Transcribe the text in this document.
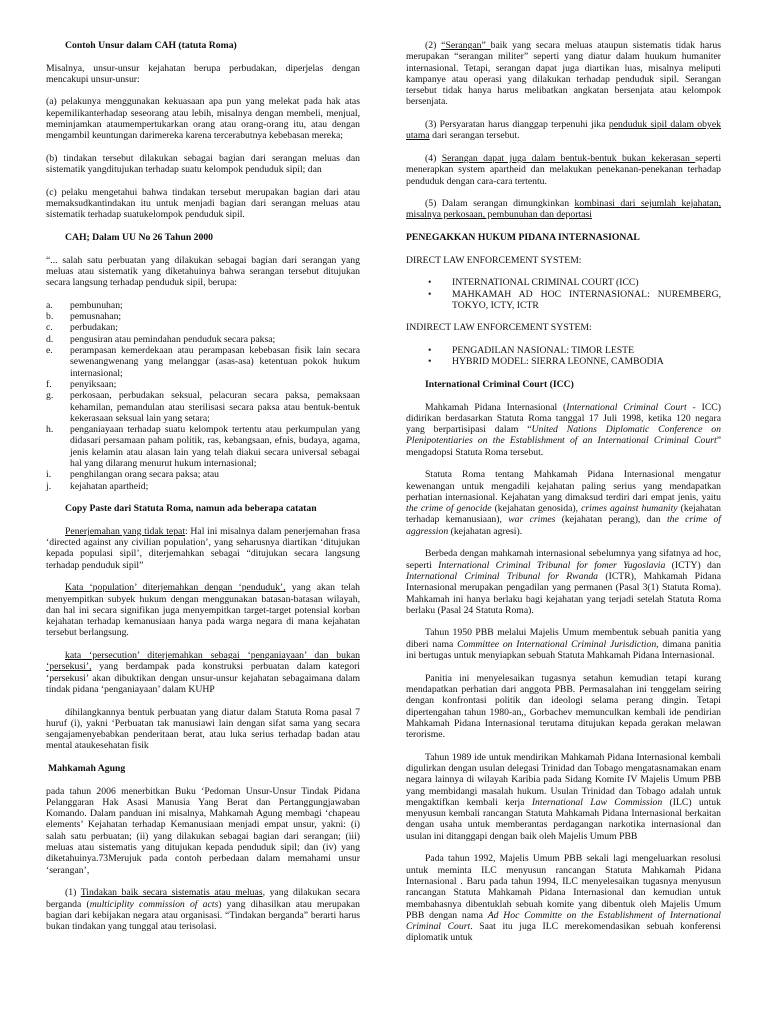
Contoh Unsur dalam CAH (tatuta Roma)

Misalnya, unsur-unsur kejahatan berupa perbudakan, diperjelas dengan mencakupi unsur-unsur:

(a) pelakunya menggunakan kekuasaan apa pun yang melekat pada hak atas kepemilikanterhadap seseorang atau lebih, misalnya dengan membeli, menjual, meminjamkan ataumempertukarkan orang atau orang-orang itu, atau dengan mengambil keuntungan darimereka karena tercerabutnya kebebasan mereka;

(b) tindakan tersebut dilakukan sebagai bagian dari serangan meluas dan sistematik yangditujukan terhadap suatu kelompok penduduk sipil; dan

(c) pelaku mengetahui bahwa tindakan tersebut merupakan bagian dari atau memaksudkantindakan itu untuk menjadi bagian dari serangan meluas atau sistematik terhadap suatukelompok penduduk sipil.

CAH; Dalam UU No 26 Tahun 2000

“... salah satu perbuatan yang dilakukan sebagai bagian dari serangan yang meluas atau sistematik yang diketahuinya bahwa serangan tersebut ditujukan secara langsung terhadap penduduk sipil, berupa:

a. pembunuhan;
b. pemusnahan;
c. perbudakan;
d. pengusiran atau pemindahan penduduk secara paksa;
e. perampasan kemerdekaan atau perampasan kebebasan fisik lain secara sewenangwenang yang melanggar (asas-asa) ketentuan pokok hukum internasional;
f. penyiksaan;
g. perkosaan, perbudakan seksual, pelacuran secara paksa, pemaksaan kehamilan, pemandulan atau sterilisasi secara paksa atau bentuk-bentuk kekerasaan seksual lain yang setara;
h. penganiayaan terhadap suatu kelompok tertentu atau perkumpulan yang didasari persamaan paham politik, ras, kebangsaan, efnis, budaya, agama, jenis kelamin atau alasan lain yang telah diakui secara universal sebagai hal yang dilarang menurut hukum internasional;
i. penghilangan orang secara paksa; atau
j. kejahatan apartheid;
Copy Paste dari Statuta Roma, namun ada beberapa catatan

Penerjemahan yang tidak tepat: Hal ini misalnya dalam penerjemahan frasa ‘directed against any civilian population’, yang seharusnya diartikan ‘ditujukan kepada populasi sipil’, diterjemahkan sebagai “ditujukan secara langsung terhadap penduduk sipil”

Kata ‘population’ diterjemahkan dengan ‘penduduk’, yang akan telah menyempitkan subyek hukum dengan menggunakan batasan-batasan wilayah, dan hal ini secara signifikan juga menyempitkan target-target potensial korban kejahatan terhadap kemanusiaan hanya pada warga negara di mana kejahatan tersebut berlangsung.

kata ‘persecution’ diterjemahkan sebagai ‘penganiayaan’ dan bukan ‘persekusi’, yang berdampak pada konstruksi perbuatan dalam kategori ‘persekusi’ akan dibuktikan dengan unsur-unsur kejahatan sebagaimana dalam tindak pidana ‘penganiayaan’ dalam KUHP

dihilangkannya bentuk perbuatan yang diatur dalam Statuta Roma pasal 7 huruf (i), yakni ‘Perbuatan tak manusiawi lain dengan sifat sama yang secara sengajamenyebabkan penderitaan berat, atau luka serius terhadap badan atau mental ataukesehatan fisik

Mahkamah Agung

pada tahun 2006 menerbitkan Buku ‘Pedoman Unsur-Unsur Tindak Pidana Pelanggaran Hak Asasi Manusia Yang Berat dan Pertanggungjawaban Komando. Dalam panduan ini misalnya, Mahkamah Agung membagi ‘chapeau elements’ Kejahatan terhadap Kemanusiaan menjadi empat unsur, yakni: (i) salah satu perbuatan; (ii) yang dilakukan sebagai bagian dari serangan; (iii) meluas atau sistematis yang ditujukan kepada penduduk sipil; dan (iv) yang diketahuinya.73Merujuk pada contoh perbedaan dalam memahami unsur ‘serangan’,

(1) Tindakan baik secara sistematis atau meluas, yang dilakukan secara berganda (multiciplity commission of acts) yang dihasilkan atau merupakan bagian dari kebijakan negara atau organisasi. “Tindakan berganda” berarti harus bukan tindakan yang tunggal atau terisolasi.

(2) “Serangan” baik yang secara meluas ataupun sistematis tidak harus merupakan “serangan militer” seperti yang diatur dalam huukum humaniter internasional. Tetapi, serangan dapat juga diartikan luas, misalnya meliputi kampanye atau operasi yang dilakukan terhadap penduduk sipil. Serangan tersebut tidak hanya harus melibatkan angkatan bersenjata atau kelompok bersenjata.

(3) Persyaratan harus dianggap terpenuhi jika penduduk sipil dalam obyek utama dari serangan tersebut.

(4) Serangan dapat juga dalam bentuk-bentuk bukan kekerasan seperti menerapkan system apartheid dan melakukan penekanan-penekanan terhadap penduduk dengan cara-cara tertentu.

(5) Dalam serangan dimungkinkan kombinasi dari sejumlah kejahatan, misalnya perkosaan, pembunuhan dan deportasi

PENEGAKKAN HUKUM PIDANA INTERNASIONAL

DIRECT LAW ENFORCEMENT SYSTEM:

• INTERNATIONAL CRIMINAL COURT (ICC)
• MAHKAMAH AD HOC INTERNASIONAL: NUREMBERG, TOKYO, ICTY, ICTR

INDIRECT LAW ENFORCEMENT SYSTEM:

• PENGADILAN NASIONAL: TIMOR LESTE
• HYBRID MODEL: SIERRA LEONNE, CAMBODIA
International Criminal Court (ICC)

Mahkamah Pidana Internasional (International Criminal Court - ICC) didirikan berdasarkan Statuta Roma tanggal 17 Juli 1998, ketika 120 negara yang berpartisipasi dalam “United Nations Diplomatic Conference on Plenipotentiaries on the Establishment of an International Criminal Court” mengadopsi Statuta Roma tersebut.

Statuta Roma tentang Mahkamah Pidana Internasional mengatur kewenangan untuk mengadili kejahatan paling serius yang mendapatkan perhatian internasional. Kejahatan yang dimaksud terdiri dari empat jenis, yaitu the crime of genocide (kejahatan genosida), crimes against humanity (kejahatan terhadap kemanusiaan), war crimes (kejahatan perang), dan the crime of aggression (kejahatan agresi).

Berbeda dengan mahkamah internasional sebelumnya yang sifatnya ad hoc, seperti International Criminal Tribunal for fomer Yugoslavia (ICTY) dan International Criminal Tribunal for Rwanda (ICTR), Mahkamah Pidana Internasional merupakan pengadilan yang permanen (Pasal 3(1) Statuta Roma). Mahkamah ini hanya berlaku bagi kejahatan yang terjadi setelah Statuta Roma berlaku (Pasal 24 Statuta Roma).

Tahun 1950 PBB melalui Majelis Umum membentuk sebuah panitia yang diberi nama Committee on International Criminal Jurisdiction, dimana panitia ini bertugas untuk menyiapkan sebuah Statuta Mahkamah Pidana Internasional.

Panitia ini menyelesaikan tugasnya setahun kemudian tetapi kurang mendapatkan perhatian dari anggota PBB. Permasalahan ini tenggelam seiring dengan konfrontasi politik dan ideologi selama perang dingin. Tetapi dipertengahan tahun 1980-an,, Gorbachev memunculkan kembali ide pendirian Mahkamah Pidana Internasional terutama ditujukan kepada gerakan melawan terorisme.

Tahun 1989 ide untuk mendirikan Mahkamah Pidana Internasional kembali digulirkan dengan usulan delegasi Trinidad dan Tobago mengatasnamakan enam negara lainnya di wilayah Karibia pada Sidang Komite IV Majelis Umum PBB yang membidangi masalah hukum. Usulan Trinidad dan Tobago adalah untuk mengaktifkan kembali kerja International Law Commission (ILC) untuk menyusun kembali rancangan Statuta Mahkamah Pidana Internasional berkaitan dengan usaha untuk memberantas perdagangan narkotika internasional dan usulan ini ditanggapi dengan baik oleh Majelis Umum PBB

Pada tahun 1992, Majelis Umum PBB sekali lagi mengeluarkan resolusi untuk meminta ILC menyusun rancangan Statuta Mahkamah Pidana Internasional . Baru pada tahun 1994, ILC menyelesaikan tugasnya menyusun rancangan Statuta Mahkamah Pidana Internasional dan kemudian untuk membahasnya dibentuklah sebuah komite yang dibentuk oleh Majelis Umum PBB dengan nama Ad Hoc Committe on the Establishment of International Criminal Court. Saat itu juga ILC merekomendasikan sebuah konferensi diplomatik untuk
